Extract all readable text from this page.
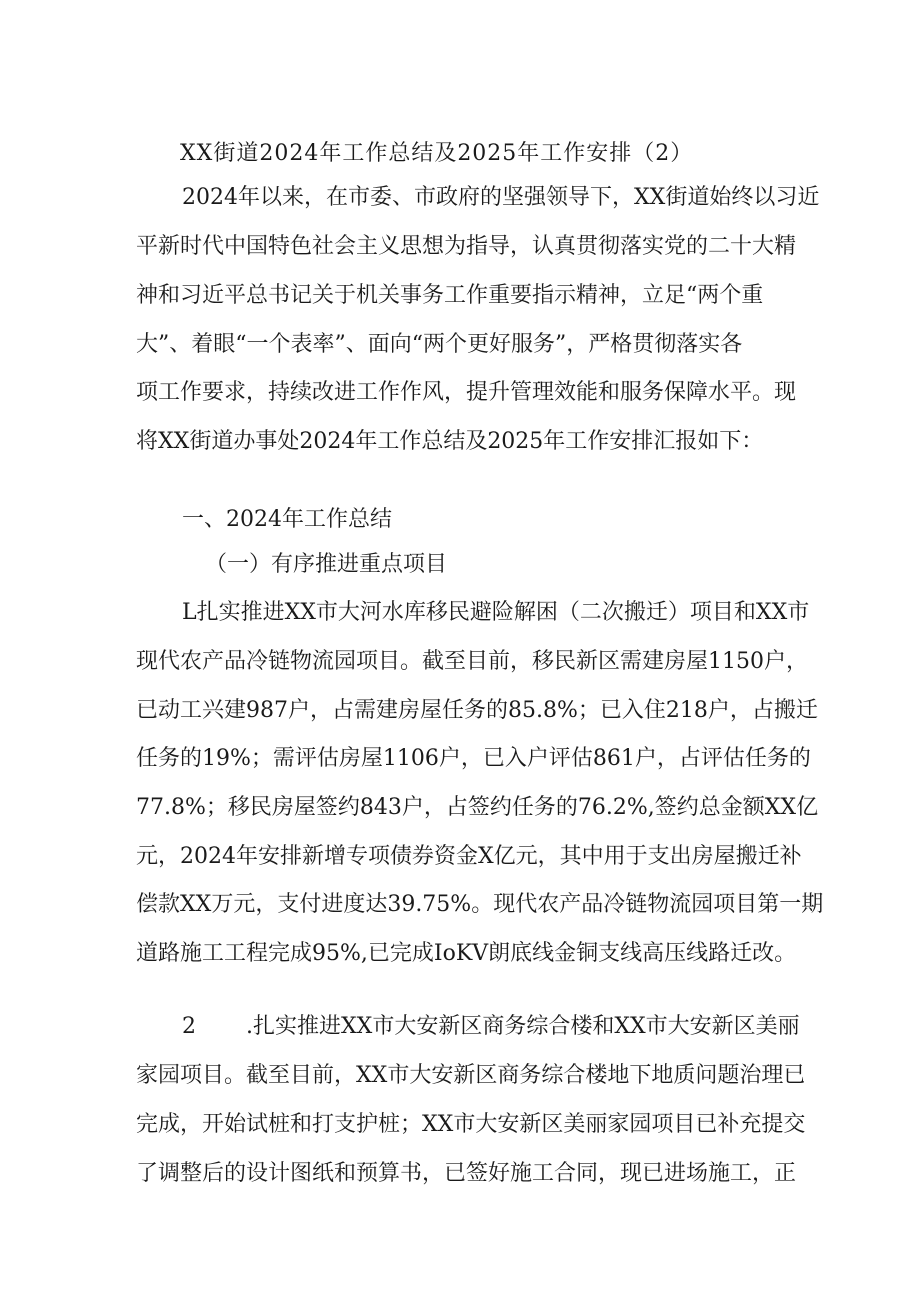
XX街道2024年工作总结及2025年工作安排（2）

2024年以来，在市委、市政府的坚强领导下，XX街道始终以习近

平新时代中国特色社会主义思想为指导，认真贯彻落实党的二十大精

神和习近平总书记关于机关事务工作重要指示精神，立足“两个重

大”、着眼“一个表率”、面向“两个更好服务”，严格贯彻落实各

项工作要求，持续改进工作作风，提升管理效能和服务保障水平。现

将XX街道办事处2024年工作总结及2025年工作安排汇报如下：

一、2024年工作总结

（一）有序推进重点项目

L扎实推进XX市大河水库移民避险解困（二次搬迁）项目和XX市

现代农产品冷链物流园项目。截至目前，移民新区需建房屋1150户，

已动工兴建987户，占需建房屋任务的85.8%；已入住218户，占搬迁

任务的19%；需评估房屋1106户，已入户评估861户，占评估任务的

77.8%；移民房屋签约843户，占签约任务的76.2%,签约总金额XX亿

元，2024年安排新增专项债券资金X亿元，其中用于支出房屋搬迁补

偿款XX万元，支付进度达39.75%。现代农产品冷链物流园项目第一期

道路施工工程完成95%,已完成IoKV朗底线金铜支线高压线路迁改。

2 .扎实推进XX市大安新区商务综合楼和XX市大安新区美丽

家园项目。截至目前，XX市大安新区商务综合楼地下地质问题治理已

完成，开始试桩和打支护桩；XX市大安新区美丽家园项目已补充提交

了调整后的设计图纸和预算书，已签好施工合同，现已进场施工，正
